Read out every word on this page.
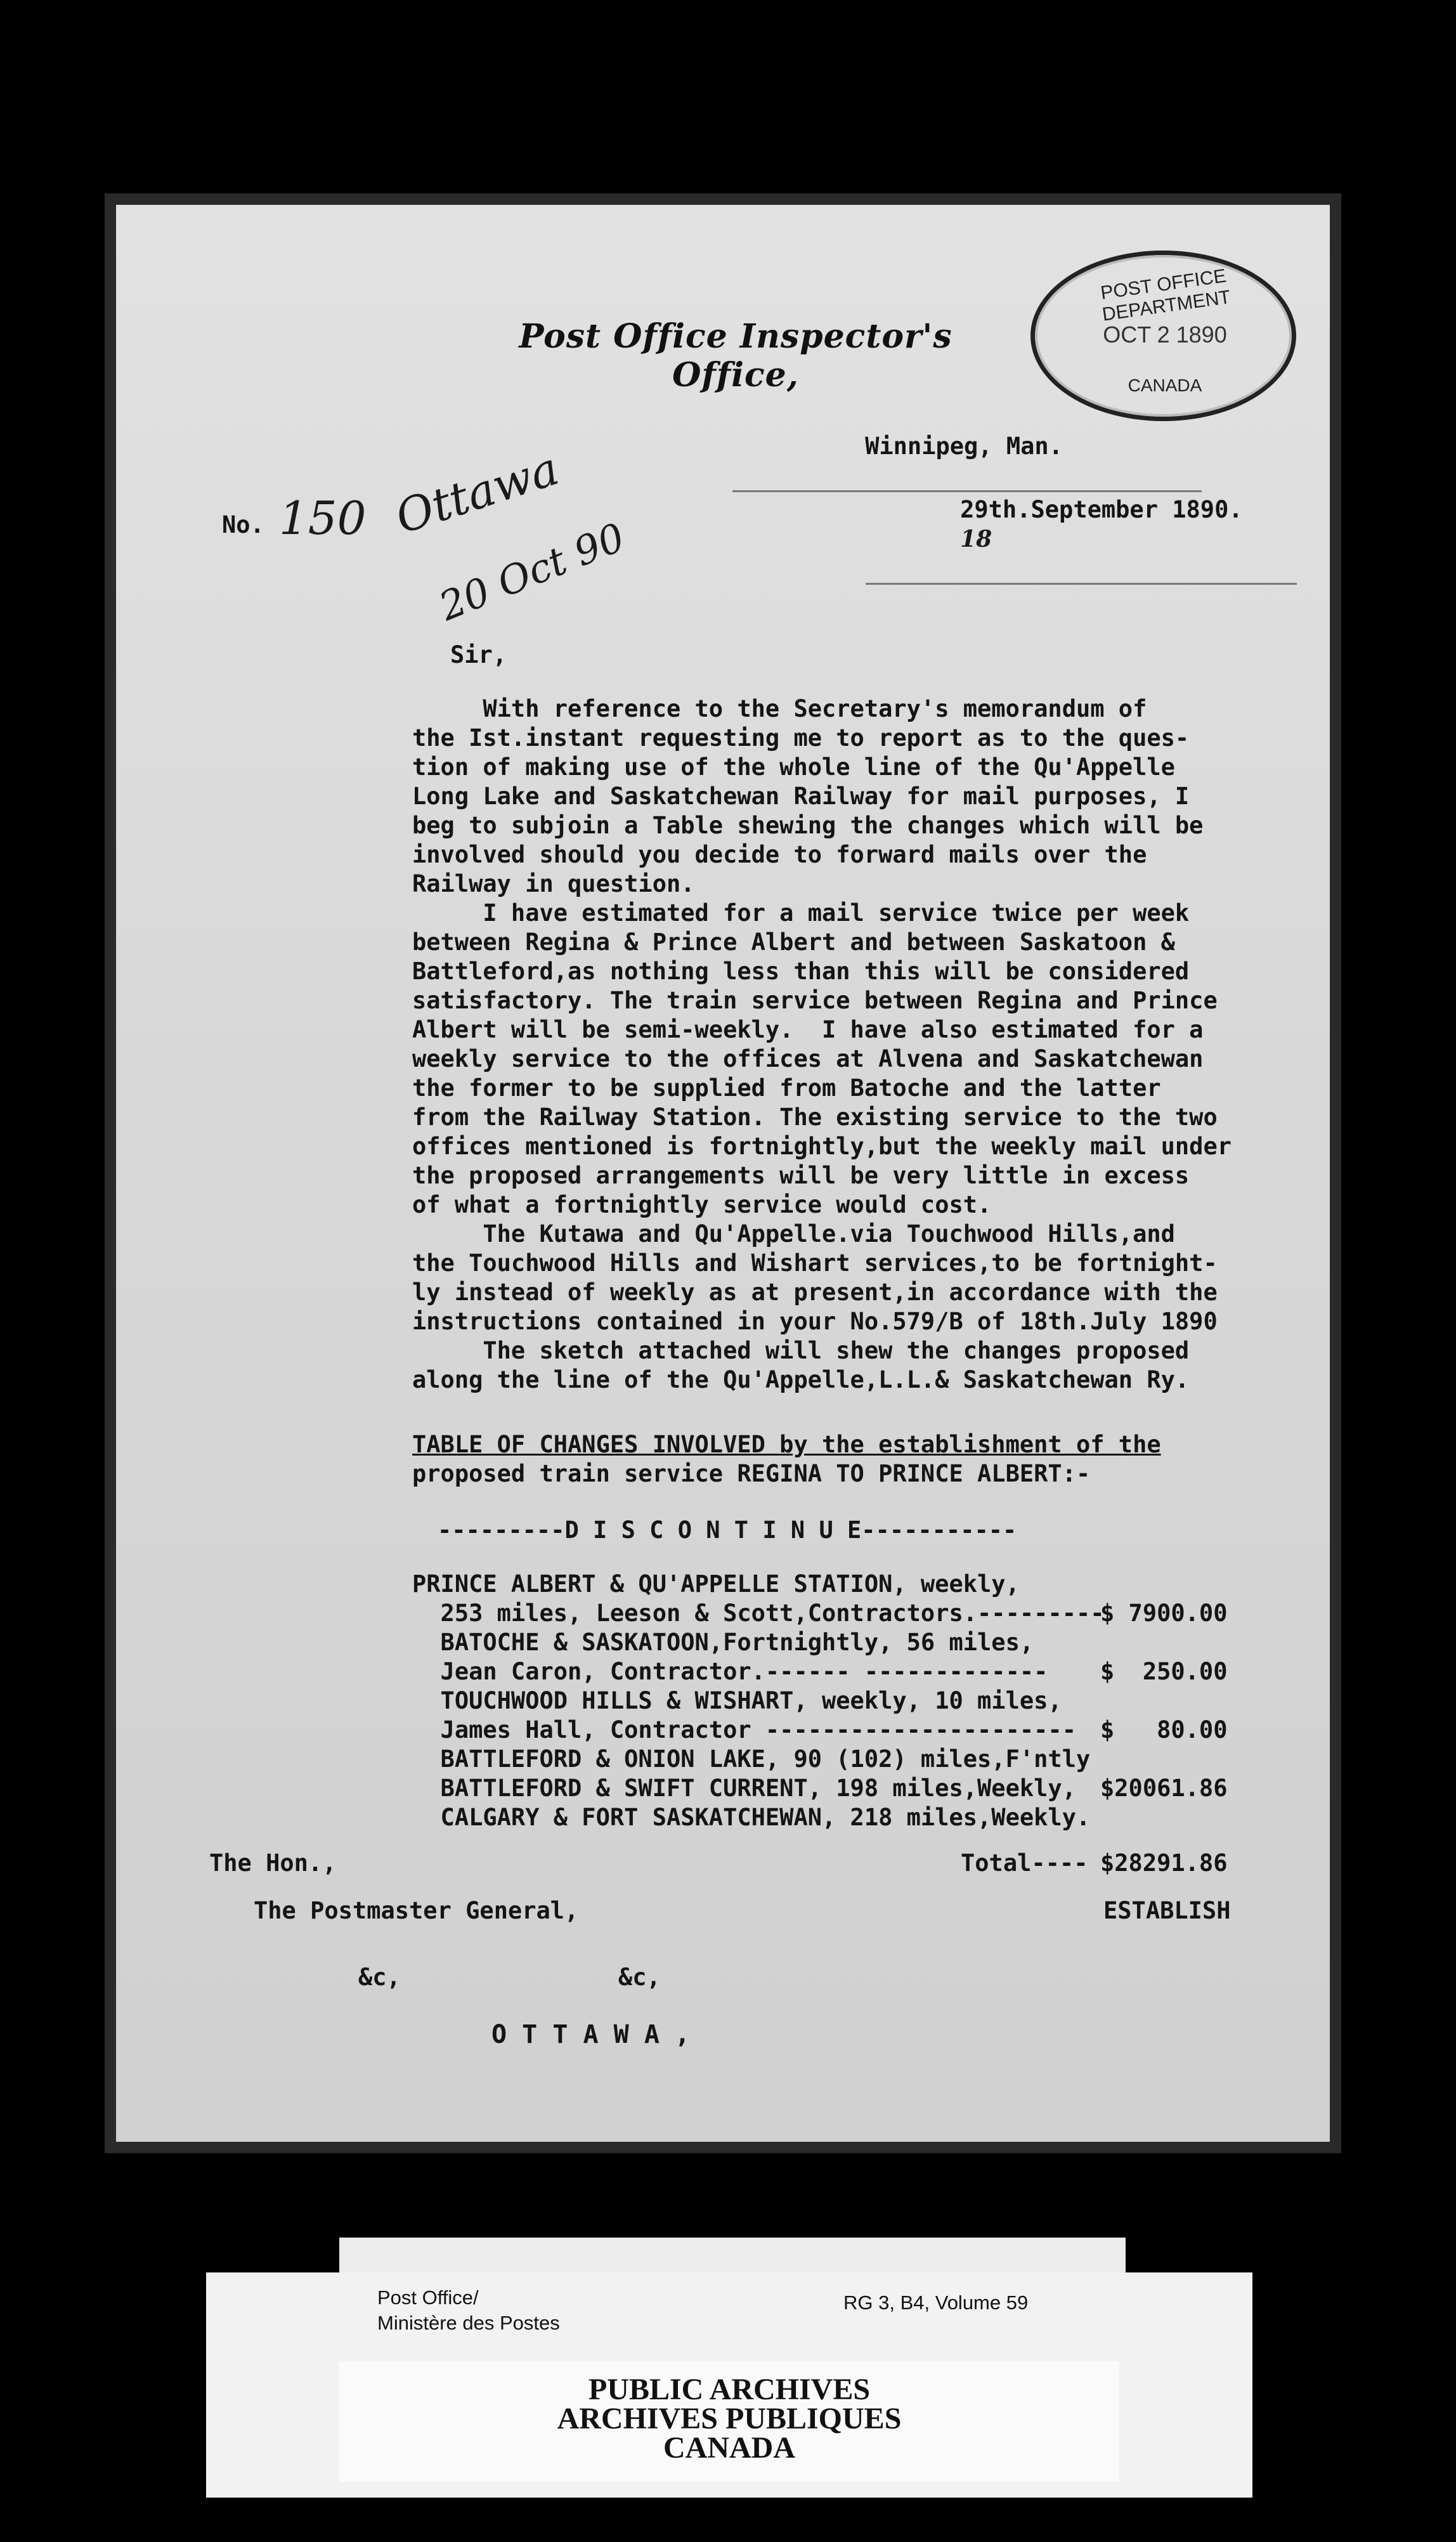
Post Office Inspector's Office,
POST OFFICE DEPARTMENT
OCT 2 1890
CANADA

Winnipeg, Man.

29th.September 1890.
18

No. 150 Ottawa
20 Oct 90
Sir,
With reference to the Secretary's memorandum of
the Ist.instant requesting me to report as to the ques-
tion of making use of the whole line of the Qu'Appelle
Long Lake and Saskatchewan Railway for mail purposes, I
beg to subjoin a Table shewing the changes which will be
involved should you decide to forward mails over the
Railway in question.
I have estimated for a mail service twice per week
between Regina & Prince Albert and between Saskatoon &
Battleford,as nothing less than this will be considered
satisfactory. The train service between Regina and Prince
Albert will be semi-weekly.  I have also estimated for a
weekly service to the offices at Alvena and Saskatchewan
the former to be supplied from Batoche and the latter
from the Railway Station. The existing service to the two
offices mentioned is fortnightly,but the weekly mail under
the proposed arrangements will be very little in excess
of what a fortnightly service would cost.
The Kutawa and Qu'Appelle.via Touchwood Hills,and
the Touchwood Hills and Wishart services,to be fortnight-
ly instead of weekly as at present,in accordance with the
instructions contained in your No.579/B of 18th.July 1890
The sketch attached will shew the changes proposed
along the line of the Qu'Appelle,L.L.& Saskatchewan Ry.
TABLE OF CHANGES INVOLVED by the establishment of the
proposed train service REGINA TO PRINCE ALBERT:-
---------D I S C O N T I N U E-----------
PRINCE ALBERT & QU'APPELLE STATION, weekly,
253 miles, Leeson & Scott,Contractors.---------
$ 7900.00
BATOCHE & SASKATOON,Fortnightly, 56 miles,
Jean Caron, Contractor.------ ------------- $  250.00
TOUCHWOOD HILLS & WISHART, weekly, 10 miles,
James Hall, Contractor ---------------------- $   80.00
BATTLEFORD & ONION LAKE, 90 (102) miles,F'ntly
BATTLEFORD & SWIFT CURRENT, 198 miles,Weekly, $20061.86
CALGARY & FORT SASKATCHEWAN, 218 miles,Weekly.
Total---- $28291.86
The Hon.,
The Postmaster General,	ESTABLISH
&c,	&c,
O T T A W A ,
Post Office/
Ministère des Postes
RG 3, B4, Volume 59
PUBLIC ARCHIVES
ARCHIVES PUBLIQUES
CANADA
